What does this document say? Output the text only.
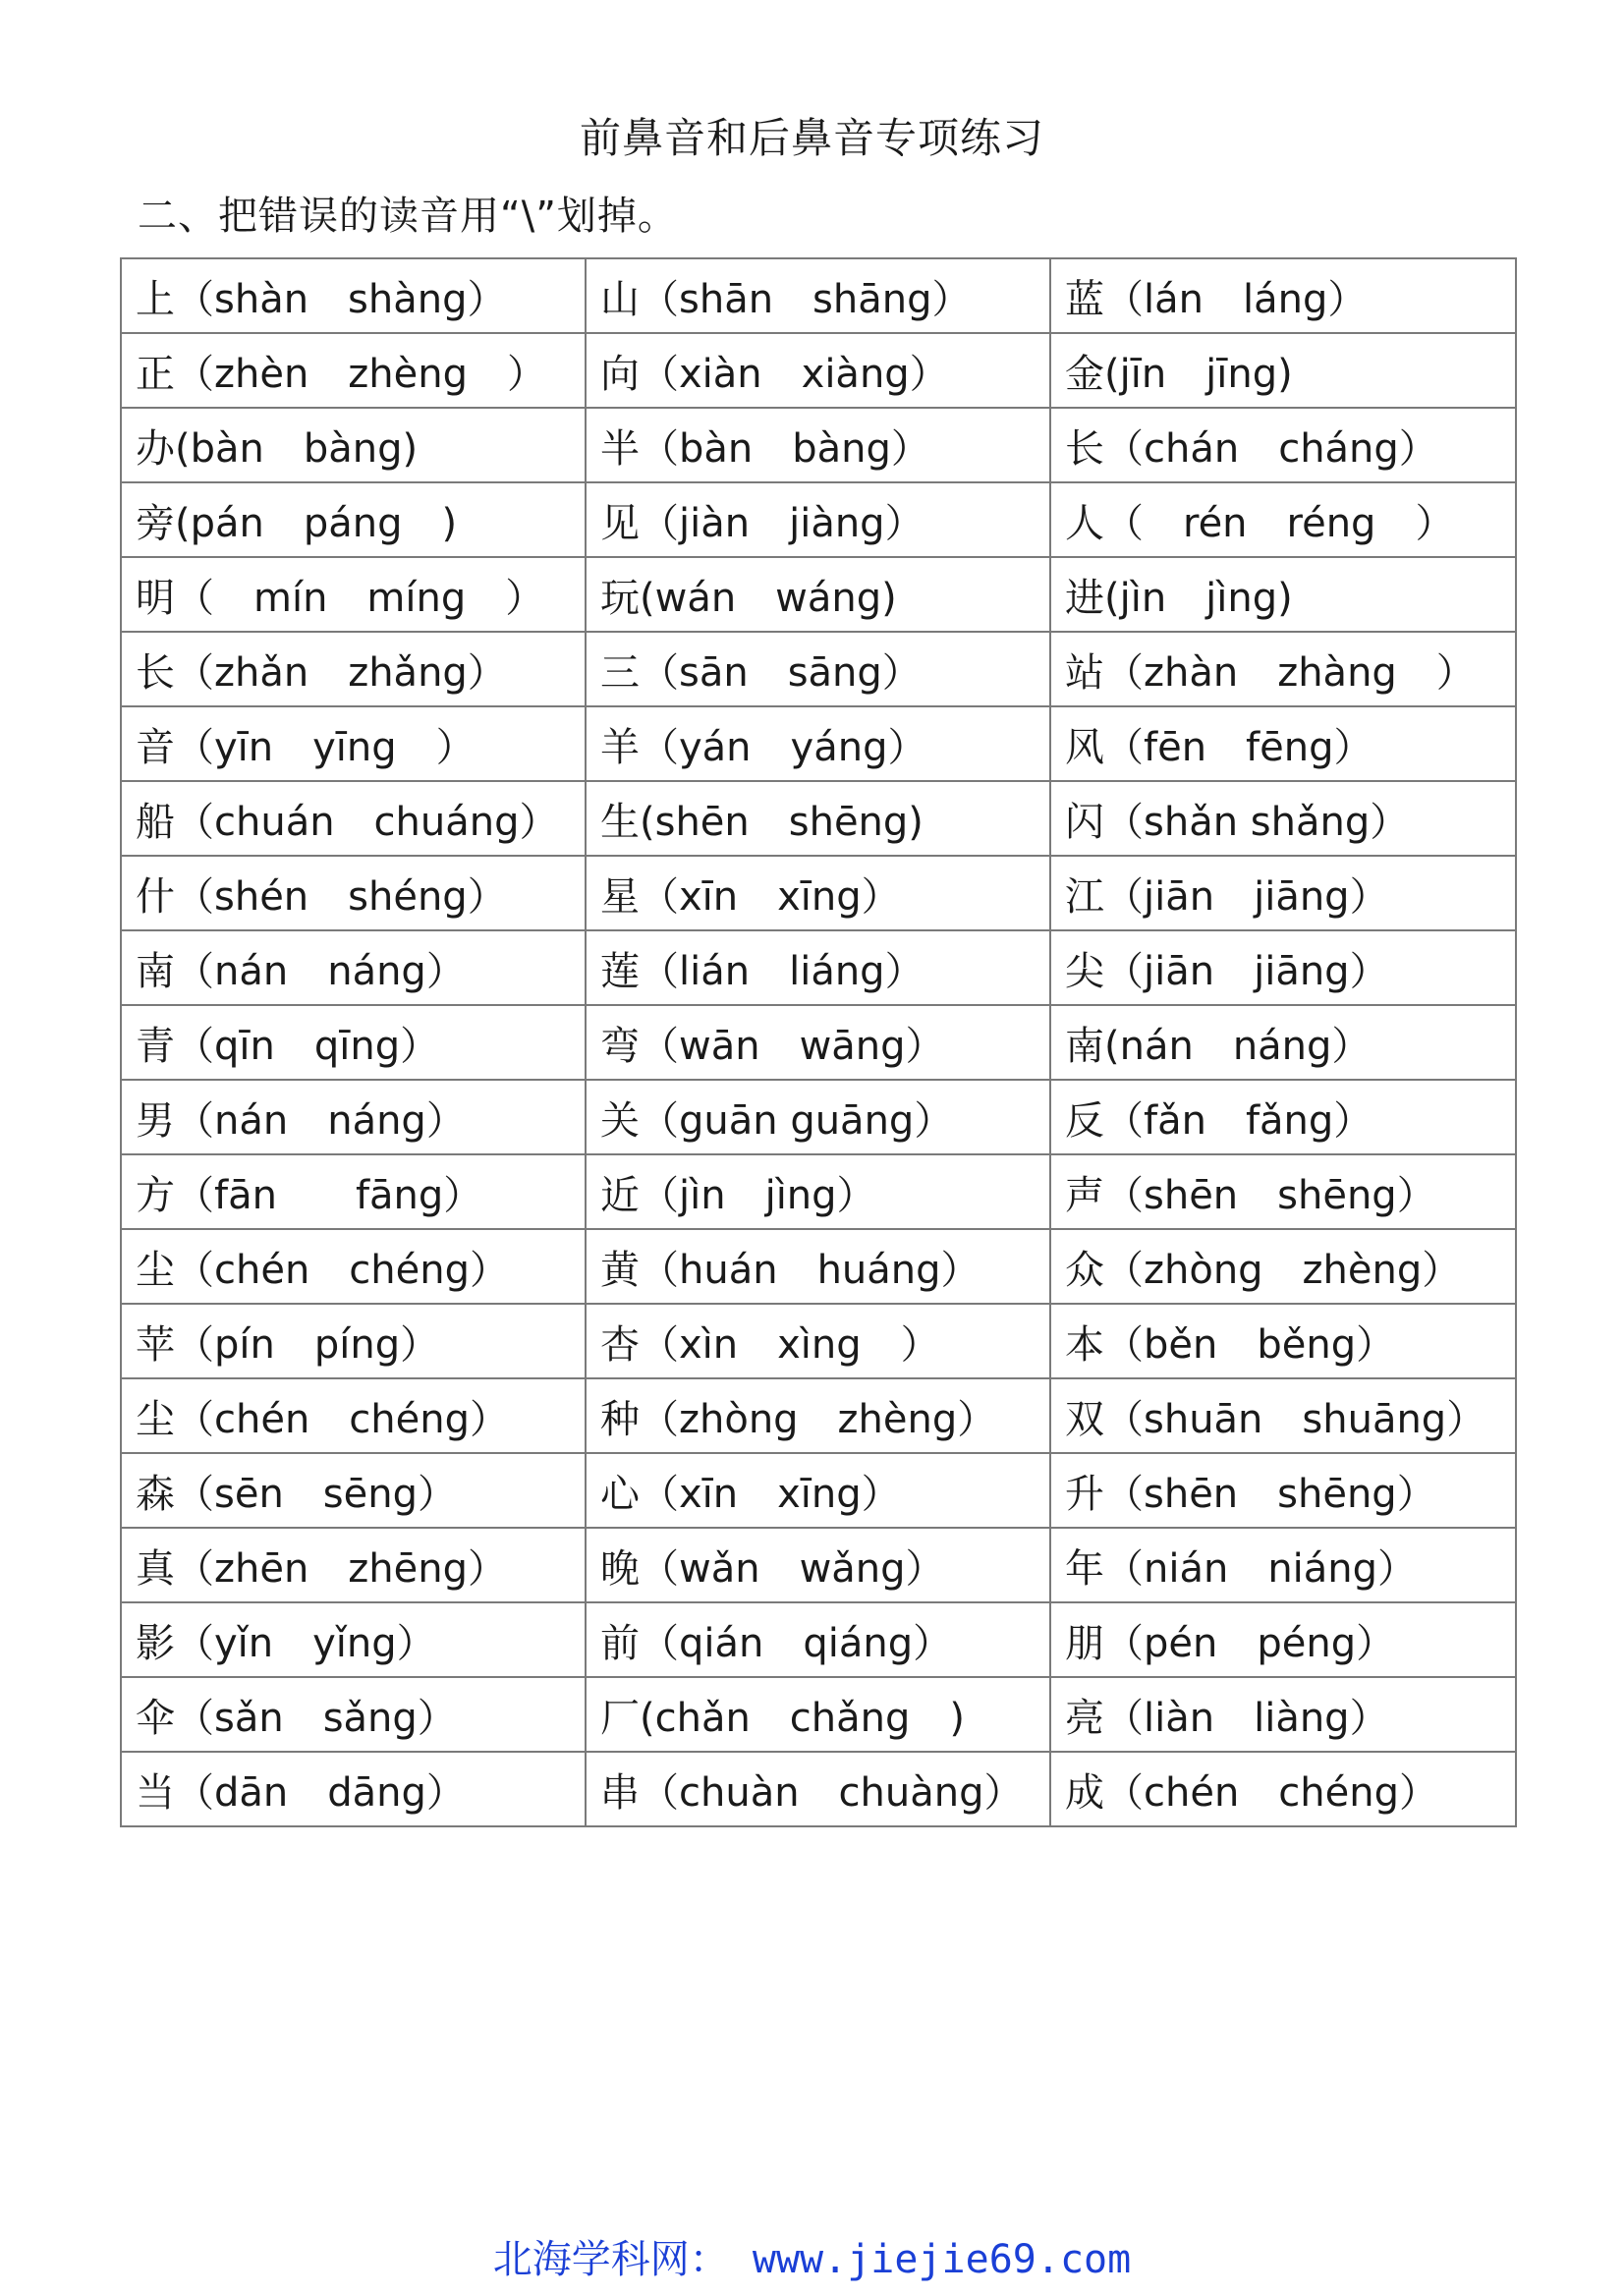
前鼻音和后鼻音专项练习
二、把错误的读音用“\”划掉。
上（shàn　shàng）	山（shān　shāng）	蓝（lán　láng）
正（zhèn　zhèng　）	向（xiàn　xiàng）	金(jīn　jīng)
办(bàn　bàng)	半（bàn　bàng）	长（chán　cháng）
旁(pán　páng　)	见（jiàn　jiàng）	人（　rén　réng　）
明（　mín　míng　）	玩(wán　wáng)	进(jìn　jìng)
长（zhǎn　zhǎng）	三（sān　sāng）	站（zhàn　zhàng　）
音（yīn　yīng　）	羊（yán　yáng）	风（fēn　fēng）
船（chuán　chuáng）	生(shēn　shēng)	闪（shǎn shǎng）
什（shén　shéng）	星（xīn　xīng）	江（jiān　jiāng）
南（nán　náng）	莲（lián　liáng）	尖（jiān　jiāng）
青（qīn　qīng）	弯（wān　wāng）	南(nán　náng）
男（nán　náng）	关（guān guāng）	反（fǎn　fǎng）
方（fān　　fāng）	近（jìn　jìng）	声（shēn　shēng）
尘（chén　chéng）	黄（huán　huáng）	众（zhòng　zhèng）
苹（pín　píng）	杏（xìn　xìng　）	本（běn　běng）
尘（chén　chéng）	种（zhòng　zhèng）	双（shuān　shuāng）
森（sēn　sēng）	心（xīn　xīng）	升（shēn　shēng）
真（zhēn　zhēng）	晚（wǎn　wǎng）	年（nián　niáng）
影（yǐn　yǐng）	前（qián　qiáng）	朋（pén　péng）
伞（sǎn　sǎng）	厂(chǎn　chǎng　)	亮（liàn　liàng）
当（dān　dāng）	串（chuàn　chuàng）	成（chén　chéng）
北海学科网： www.jiejie69.com
